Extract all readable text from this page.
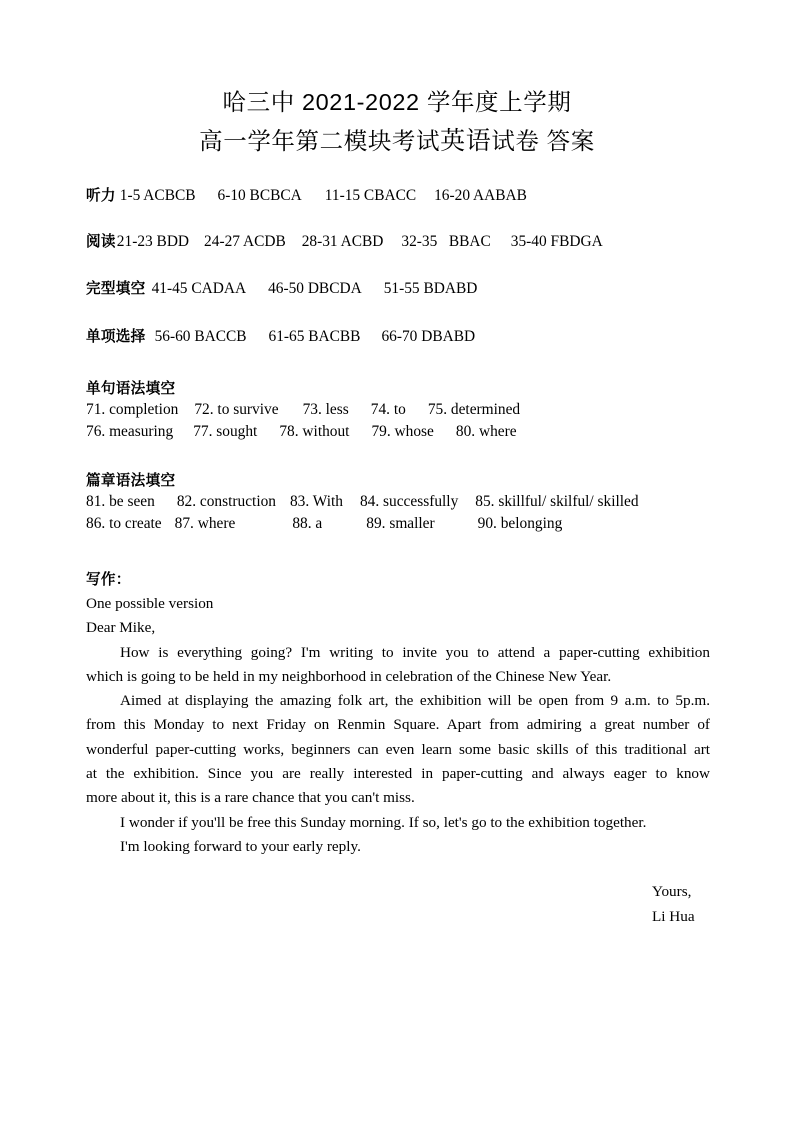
哈三中 2021-2022 学年度上学期
高一学年第二模块考试英语试卷 答案
听力 1-5 ACBCB 6-10 BCBCA 11-15 CBACC 16-20 AABAB
阅读21-23 BDD 24-27 ACDB 28-31 ACBD 32-35   BBAC 35-40 FBDGA
完型填空 41-45 CADAA 46-50 DBCDA 51-55 BDABD
单项选择 56-60 BACCB 61-65 BACBB 66-70 DBABD
单句语法填空
71. completion 72. to survive 73. less 74. to 75. determined
76. measuring 77. sought 78. without 79. whose 80. where
篇章语法填空
81. be seen 82. construction 83. With 84. successfully 85. skillful/ skilful/ skilled
86. to create 87. where	88. a	89. smaller	90. belonging
写作：
One possible version
Dear Mike,
How is everything going? I'm writing to invite you to attend a paper-cutting exhibition
which is going to be held in my neighborhood in celebration of the Chinese New Year.
Aimed at displaying the amazing folk art, the exhibition will be open from 9 a.m. to 5p.m.
from this Monday to next Friday on Renmin Square. Apart from admiring a great number of
wonderful paper-cutting works, beginners can even learn some basic skills of this traditional art
at the exhibition. Since you are really interested in paper-cutting and always eager to know
more about it, this is a rare chance that you can't miss.
I wonder if you'll be free this Sunday morning. If so, let's go to the exhibition together.
I'm looking forward to your early reply.
Yours,
Li Hua
